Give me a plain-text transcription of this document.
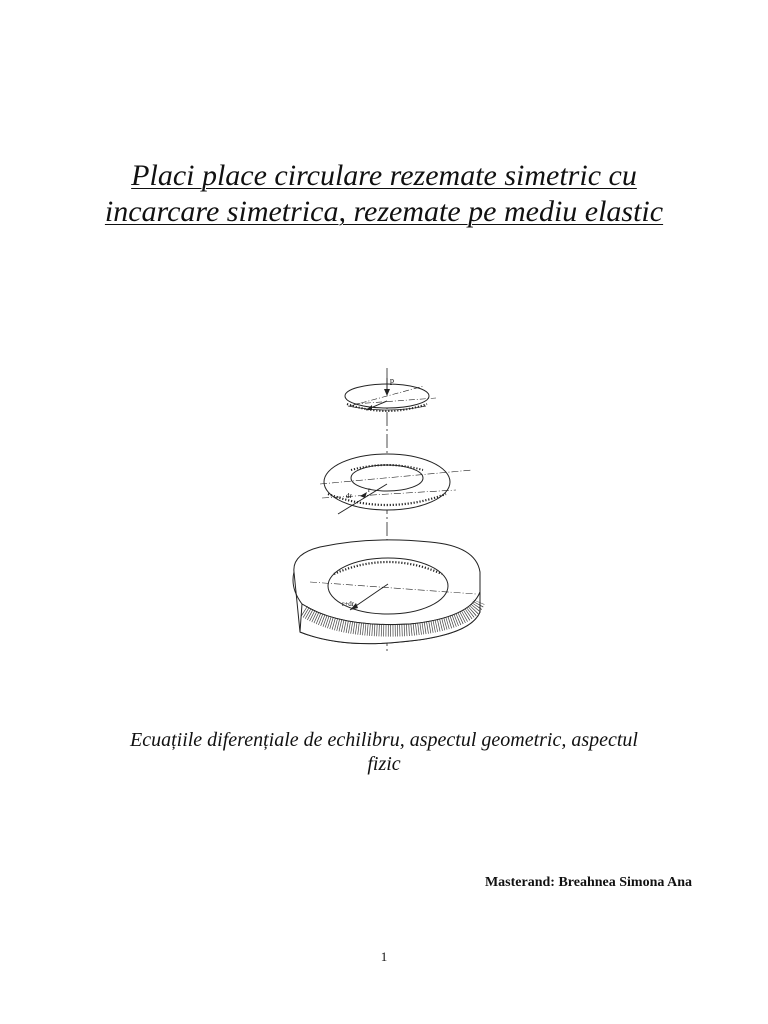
Placi place circulare rezemate simetric cu
incarcare simetrica, rezemate pe mediu elastic
p
dr
r
r+dr

Ecuațiile diferențiale de echilibru, aspectul geometric, aspectul
fizic

Masterand: Breahnea Simona Ana
1
